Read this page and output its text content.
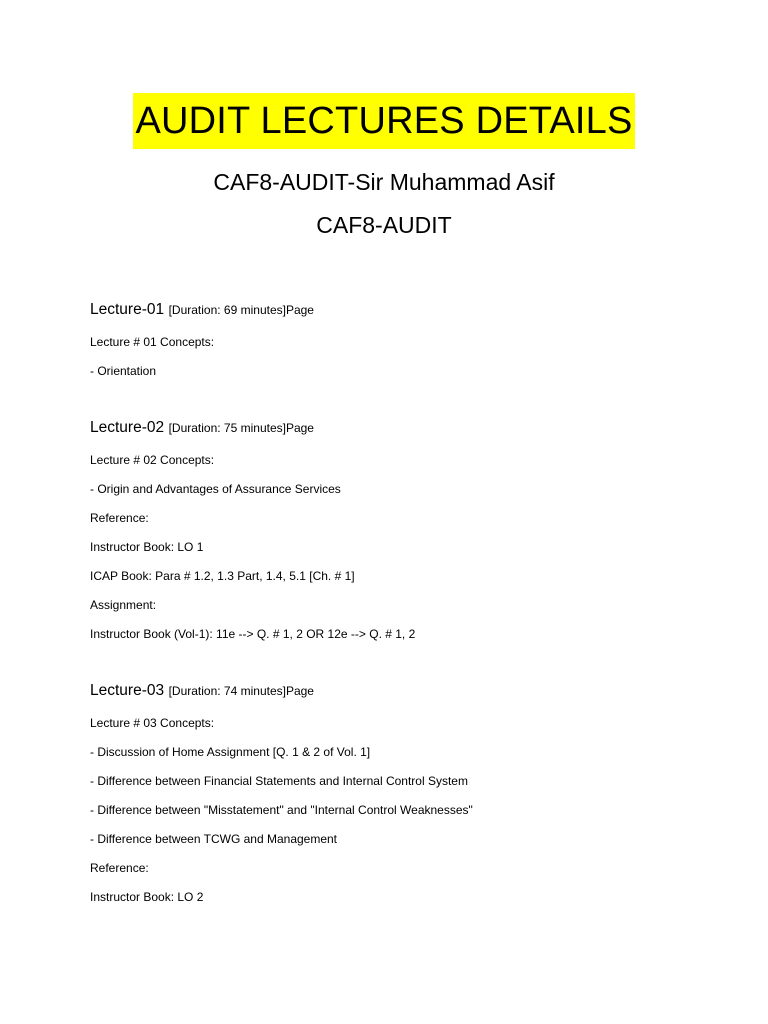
AUDIT LECTURES DETAILS
CAF8-AUDIT-Sir Muhammad Asif
CAF8-AUDIT
Lecture-01 [Duration: 69 minutes]Page
Lecture # 01 Concepts:
- Orientation
Lecture-02 [Duration: 75 minutes]Page
Lecture # 02 Concepts:
- Origin and Advantages of Assurance Services
Reference:
Instructor Book: LO 1
ICAP Book: Para # 1.2, 1.3 Part, 1.4, 5.1 [Ch. # 1]
Assignment:
Instructor Book (Vol-1): 11e --> Q. # 1, 2 OR 12e --> Q. # 1, 2
Lecture-03 [Duration: 74 minutes]Page
Lecture # 03 Concepts:
- Discussion of Home Assignment [Q. 1 & 2 of Vol. 1]
- Difference between Financial Statements and Internal Control System
- Difference between "Misstatement" and "Internal Control Weaknesses"
- Difference between TCWG and Management
Reference:
Instructor Book: LO 2
